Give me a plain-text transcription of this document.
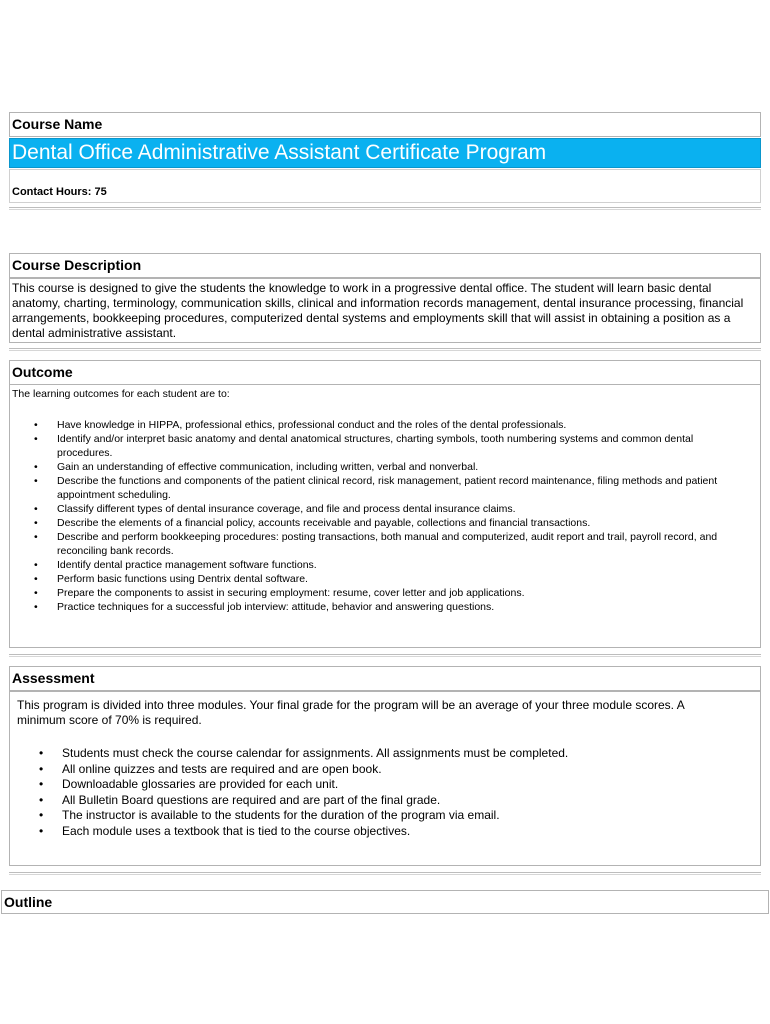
Course Name
Dental Office Administrative Assistant Certificate Program
Contact Hours: 75
Course Description
This course is designed to give the students the knowledge to work in a progressive dental office. The student will learn basic dental anatomy, charting, terminology, communication skills, clinical and information records management, dental insurance processing, financial arrangements, bookkeeping procedures, computerized dental systems and employments skill that will assist in obtaining a position as a dental administrative assistant.
Outcome
The learning outcomes for each student are to:
• Have knowledge in HIPPA, professional ethics, professional conduct and the roles of the dental professionals.
• Identify and/or interpret basic anatomy and dental anatomical structures, charting symbols, tooth numbering systems and common dental procedures.
• Gain an understanding of effective communication, including written, verbal and nonverbal.
• Describe the functions and components of the patient clinical record, risk management, patient record maintenance, filing methods and patient appointment scheduling.
• Classify different types of dental insurance coverage, and file and process dental insurance claims.
• Describe the elements of a financial policy, accounts receivable and payable, collections and financial transactions.
• Describe and perform bookkeeping procedures: posting transactions, both manual and computerized, audit report and trail, payroll record, and reconciling bank records.
• Identify dental practice management software functions.
• Perform basic functions using Dentrix dental software.
• Prepare the components to assist in securing employment: resume, cover letter and job applications.
• Practice techniques for a successful job interview: attitude, behavior and answering questions.
Assessment
This program is divided into three modules. Your final grade for the program will be an average of your three module scores. A minimum score of 70% is required.
• Students must check the course calendar for assignments. All assignments must be completed.
• All online quizzes and tests are required and are open book.
• Downloadable glossaries are provided for each unit.
• All Bulletin Board questions are required and are part of the final grade.
• The instructor is available to the students for the duration of the program via email.
• Each module uses a textbook that is tied to the course objectives.
Outline
